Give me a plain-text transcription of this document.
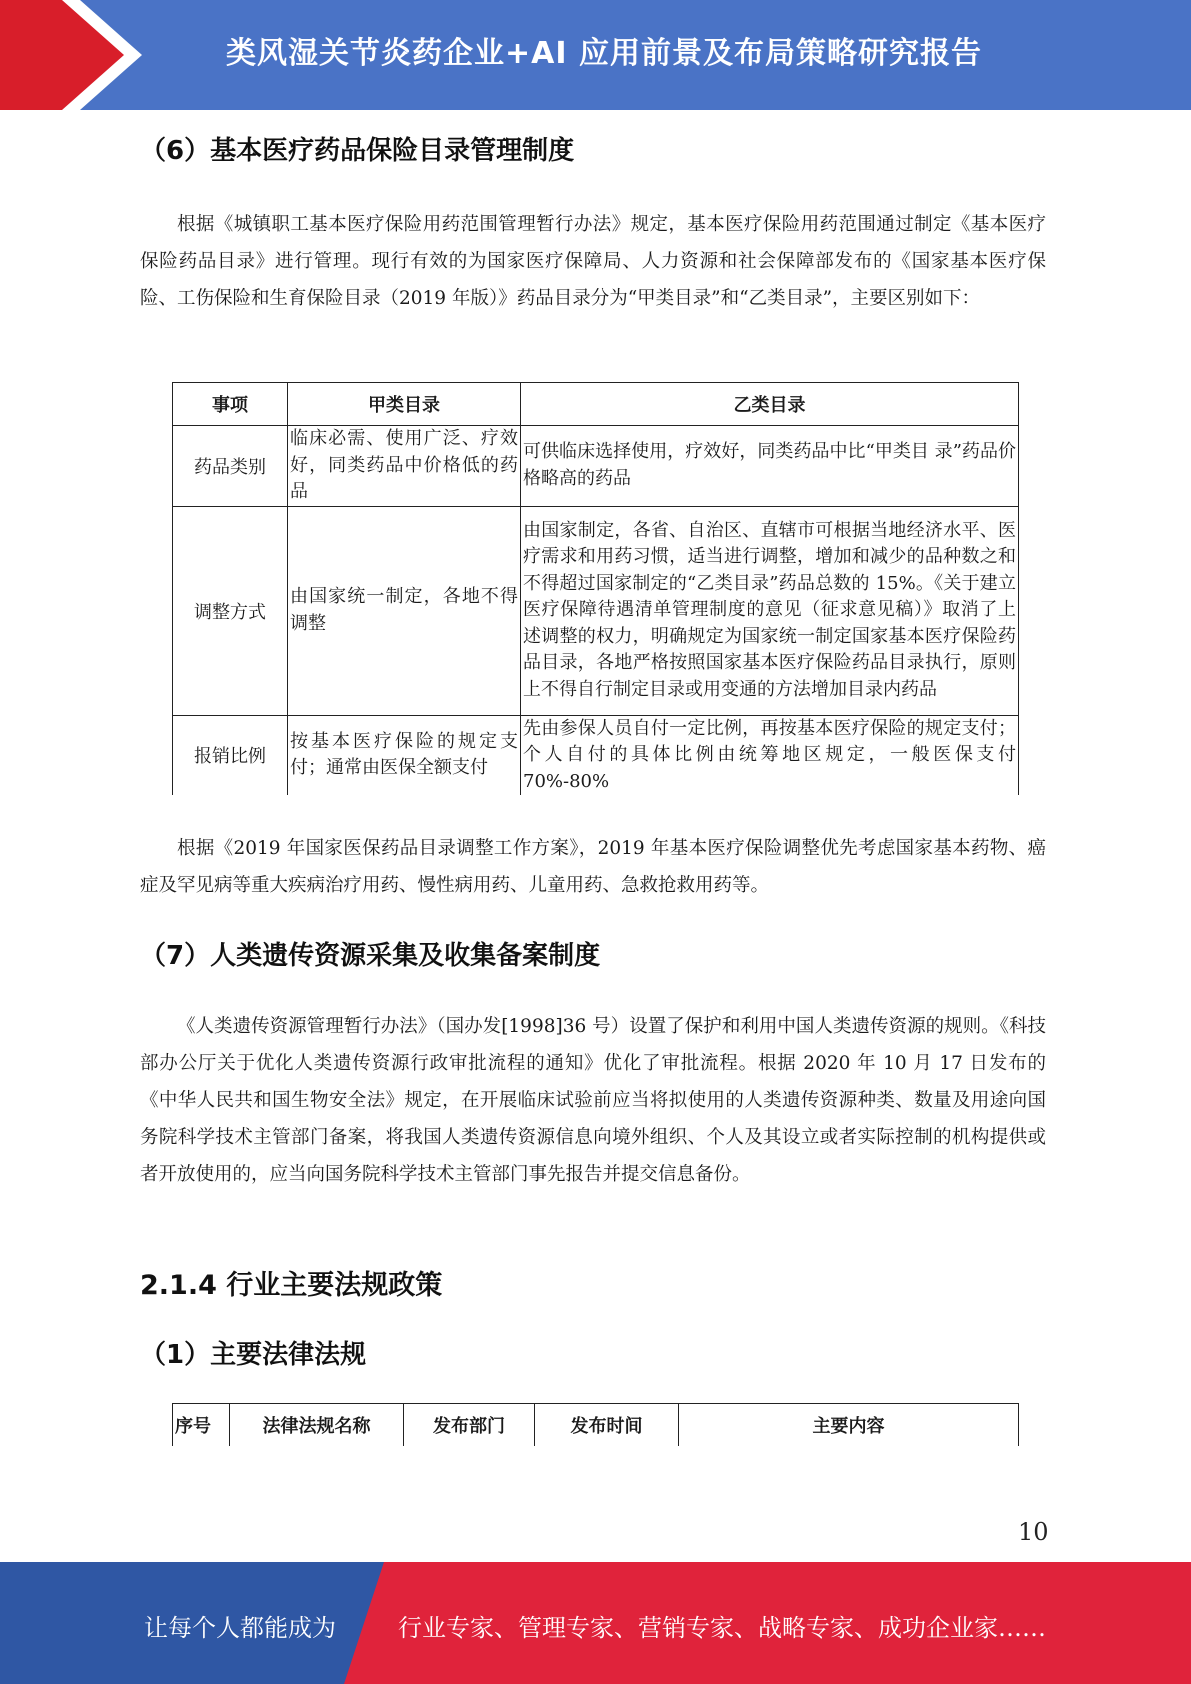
类风湿关节炎药企业+AI 应用前景及布局策略研究报告
（6）基本医疗药品保险目录管理制度
根据《城镇职工基本医疗保险用药范围管理暂行办法》规定，基本医疗保险用药范围通过制定《基本医疗保险药品目录》进行管理。现行有效的为国家医疗保障局、人力资源和社会保障部发布的《国家基本医疗保险、工伤保险和生育保险目录（2019 年版）》药品目录分为“甲类目录”和“乙类目录”，主要区别如下：
事项	甲类目录	乙类目录
药品类别	临床必需、使用广泛、疗效好，同类药品中价格低的药品	可供临床选择使用，疗效好，同类药品中比“甲类目 录”药品价格略高的药品
调整方式	由国家统一制定，各地不得调整	由国家制定，各省、自治区、直辖市可根据当地经济水平、医疗需求和用药习惯，适当进行调整，增加和减少的品种数之和不得超过国家制定的“乙类目录”药品总数的 15%。《关于建立医疗保障待遇清单管理制度的意见（征求意见稿）》取消了上述调整的权力，明确规定为国家统一制定国家基本医疗保险药品目录，各地严格按照国家基本医疗保险药品目录执行，原则上不得自行制定目录或用变通的方法增加目录内药品
报销比例	按基本医疗保险的规定支付；通常由医保全额支付	先由参保人员自付一定比例，再按基本医疗保险的规定支付；个人自付的具体比例由统筹地区规定，一般医保支付 70%-80%
根据《2019 年国家医保药品目录调整工作方案》，2019 年基本医疗保险调整优先考虑国家基本药物、癌症及罕见病等重大疾病治疗用药、慢性病用药、儿童用药、急救抢救用药等。
（7）人类遗传资源采集及收集备案制度
《人类遗传资源管理暂行办法》（国办发[1998]36 号）设置了保护和利用中国人类遗传资源的规则。《科技部办公厅关于优化人类遗传资源行政审批流程的通知》优化了审批流程。根据 2020 年 10 月 17 日发布的《中华人民共和国生物安全法》规定，在开展临床试验前应当将拟使用的人类遗传资源种类、数量及用途向国务院科学技术主管部门备案，将我国人类遗传资源信息向境外组织、个人及其设立或者实际控制的机构提供或者开放使用的，应当向国务院科学技术主管部门事先报告并提交信息备份。
2.1.4 行业主要法规政策
（1）主要法律法规
序号	法律法规名称	发布部门	发布时间	主要内容
10
让每个人都能成为	行业专家、管理专家、营销专家、战略专家、成功企业家……
